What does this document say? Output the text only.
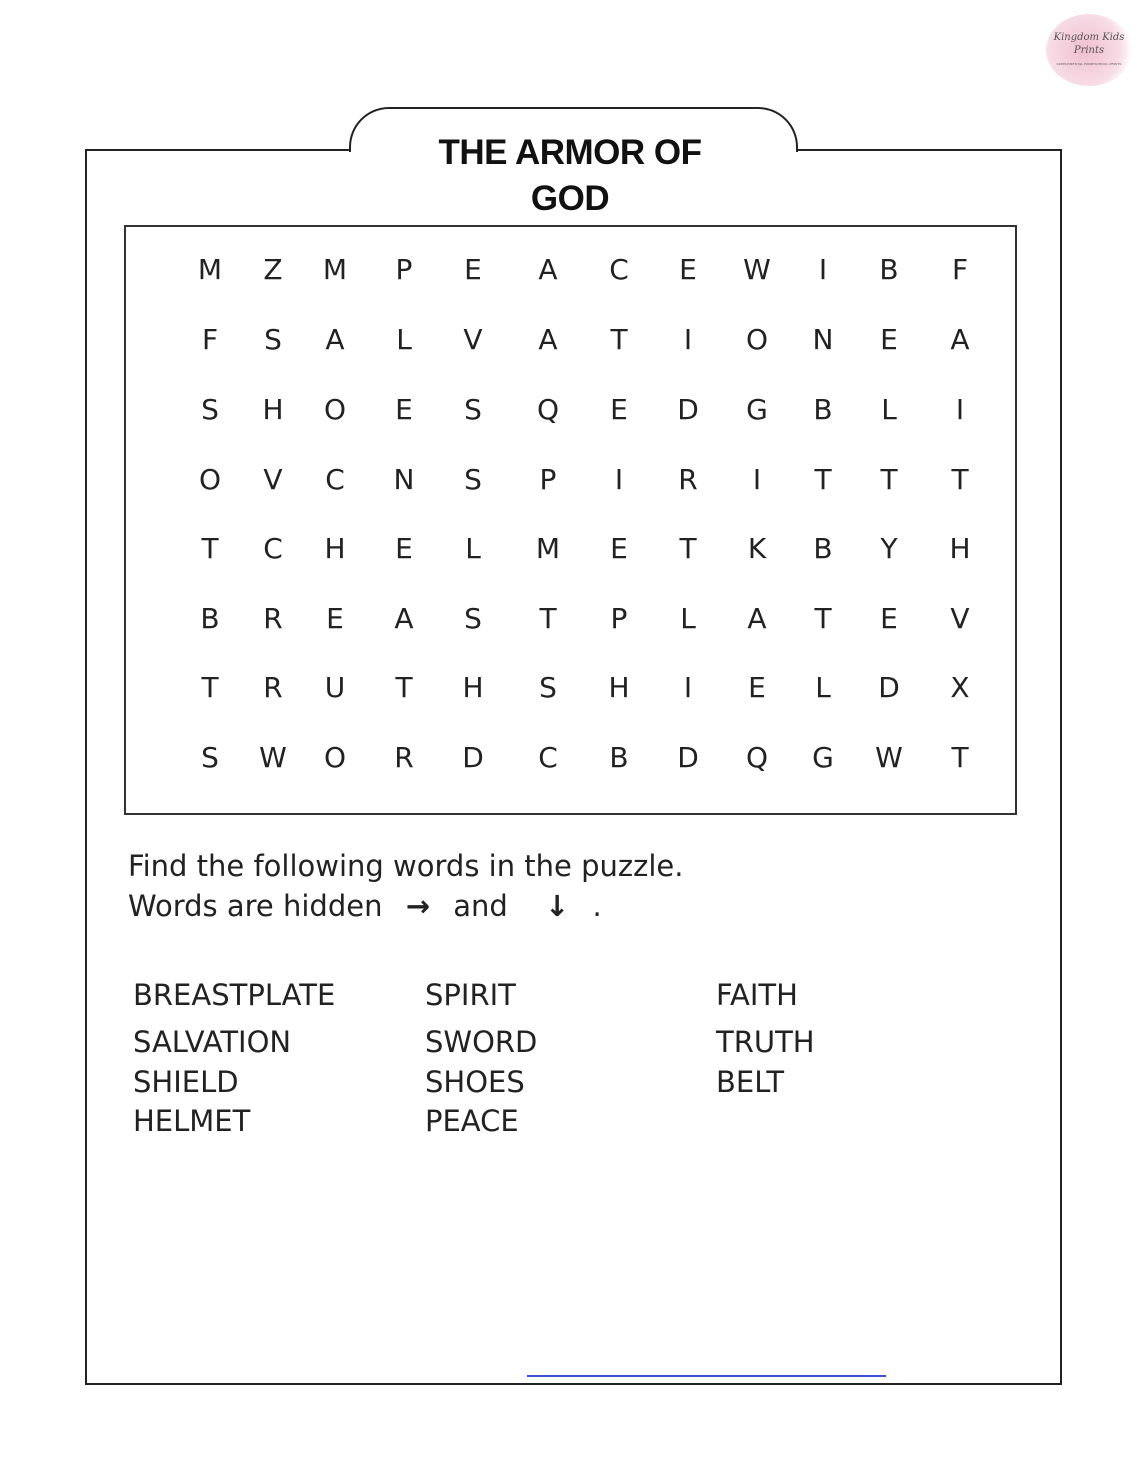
Kingdom Kids
Prints
SUPPLEMENTAL HOMESCHOOL PRINTS
THE ARMOR OF
GOD
M	Z	M	P	E	A	C	E	W	I	B	F
F	S	A	L	V	A	T	I	O	N	E	A
S	H	O	E	S	Q	E	D	G	B	L	I
O	V	C	N	S	P	I	R	I	T	T	T
T	C	H	E	L	M	E	T	K	B	Y	H
B	R	E	A	S	T	P	L	A	T	E	V
T	R	U	T	H	S	H	I	E	L	D	X
S	W	O	R	D	C	B	D	Q	G	W	T
Find the following words in the puzzle.
Words are hidden → and ↓ .
BREASTPLATE
SALVATION
SHIELD
HELMET
SPIRIT
SWORD
SHOES
PEACE
FAITH
TRUTH
BELT
